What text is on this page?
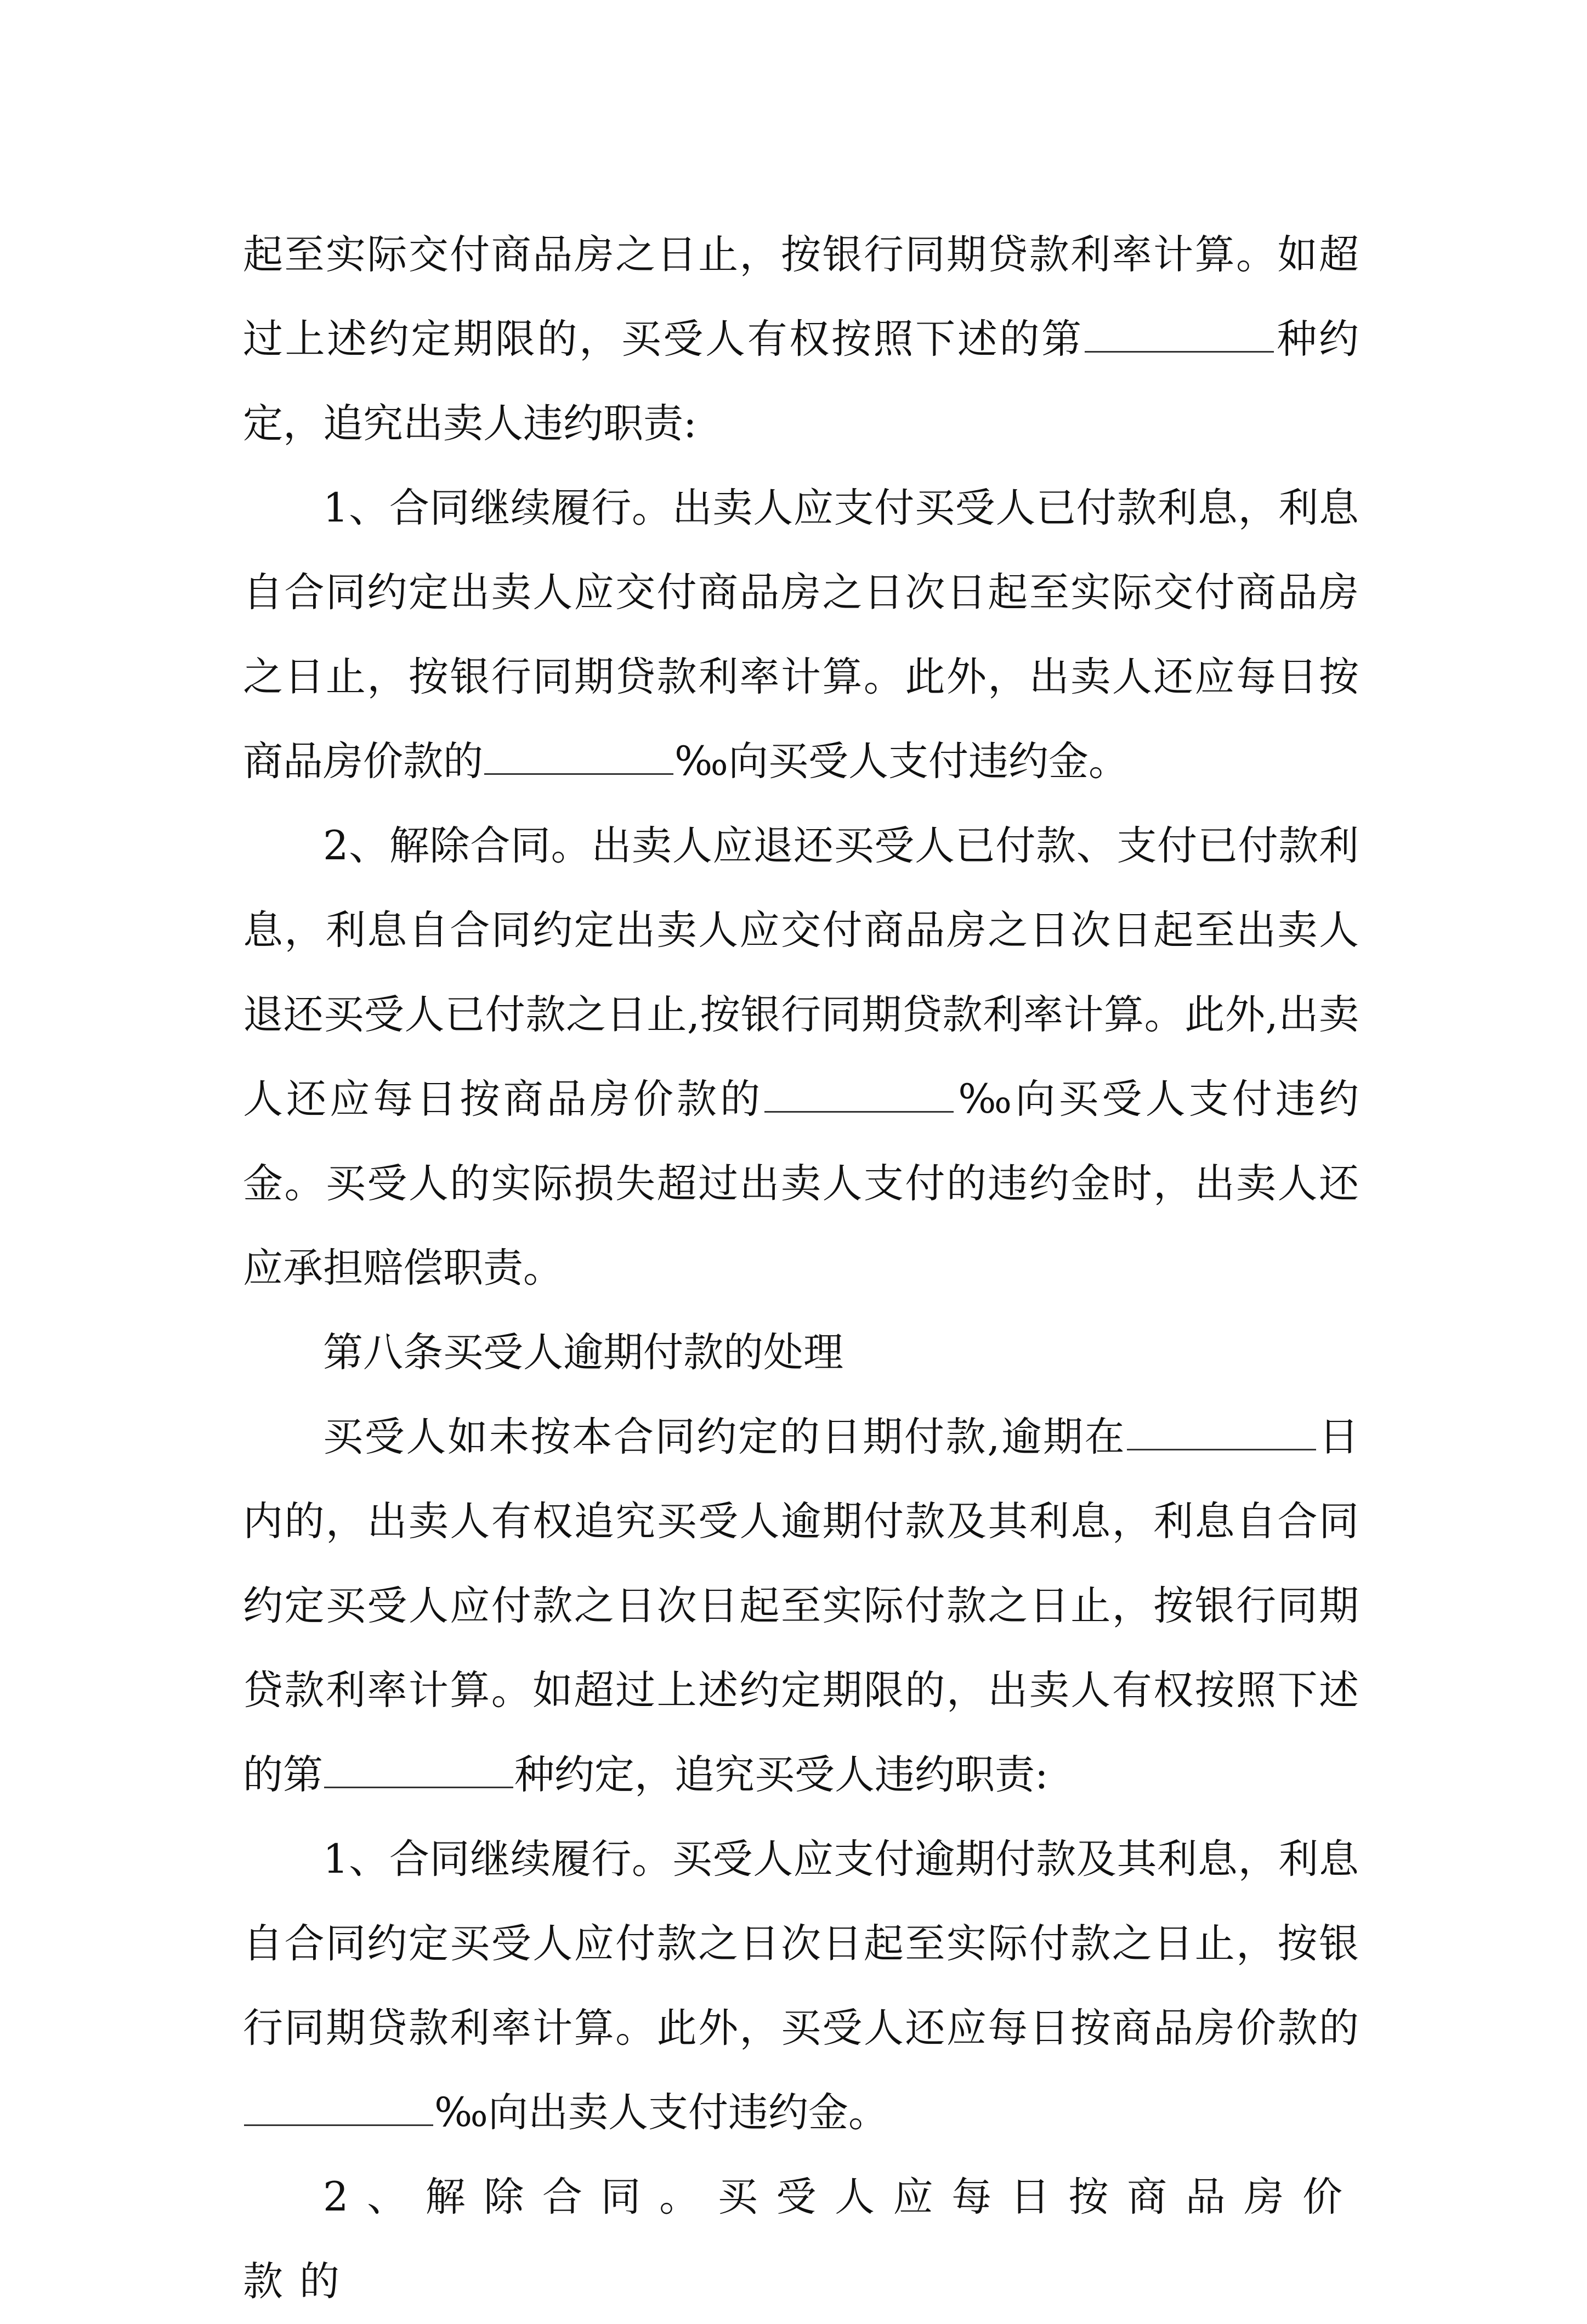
起至实际交付商品房之日止，按银行同期贷款利率计算。如超过上述约定期限的，买受人有权按照下述的第	种约定，追究出卖人违约职责:

1、合同继续履行。出卖人应支付买受人已付款利息，利息自合同约定出卖人应交付商品房之日次日起至实际交付商品房之日止，按银行同期贷款利率计算。此外，出卖人还应每日按商品房价款的	‰向买受人支付违约金。

2、解除合同。出卖人应退还买受人已付款、支付已付款利息，利息自合同约定出卖人应交付商品房之日次日起至出卖人退还买受人已付款之日止,按银行同期贷款利率计算。此外,出卖人还应每日按商品房价款的	‰向买受人支付违约金。买受人的实际损失超过出卖人支付的违约金时，出卖人还应承担赔偿职责。

第八条买受人逾期付款的处理

买受人如未按本合同约定的日期付款,逾期在	日内的，出卖人有权追究买受人逾期付款及其利息，利息自合同约定买受人应付款之日次日起至实际付款之日止，按银行同期贷款利率计算。如超过上述约定期限的，出卖人有权按照下述的第	种约定，追究买受人违约职责:

1、合同继续履行。买受人应支付逾期付款及其利息，利息自合同约定买受人应付款之日次日起至实际付款之日止，按银行同期贷款利率计算。此外，买受人还应每日按商品房价款的‰向出卖人支付违约金。

2、解除合同。买受人应每日按商品房价款的
